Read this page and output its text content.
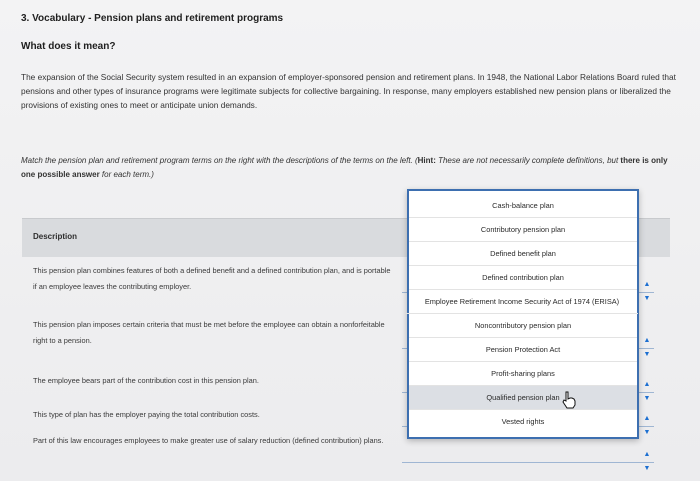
3. Vocabulary - Pension plans and retirement programs
What does it mean?
The expansion of the Social Security system resulted in an expansion of employer-sponsored pension and retirement plans. In 1948, the National Labor Relations Board ruled that pensions and other types of insurance programs were legitimate subjects for collective bargaining. In response, many employers established new pension plans or liberalized the provisions of existing ones to meet or anticipate union demands.
Match the pension plan and retirement program terms on the right with the descriptions of the terms on the left. (Hint: These are not necessarily complete definitions, but there is only one possible answer for each term.)
Description
This pension plan combines features of both a defined benefit and a defined contribution plan, and is portable if an employee leaves the contributing employer.	▲
▼
This pension plan imposes certain criteria that must be met before the employee can obtain a nonforfeitable right to a pension.	▲
▼
The employee bears part of the contribution cost in this pension plan.	▲
▼
This type of plan has the employer paying the total contribution costs.	▲
▼
Part of this law encourages employees to make greater use of salary reduction (defined contribution) plans.
▲
▼
Cash-balance plan
Contributory pension plan
Defined benefit plan
Defined contribution plan
Employee Retirement Income Security Act of 1974 (ERISA)
Noncontributory pension plan
Pension Protection Act
Profit-sharing plans
Qualified pension plan
Vested rights
